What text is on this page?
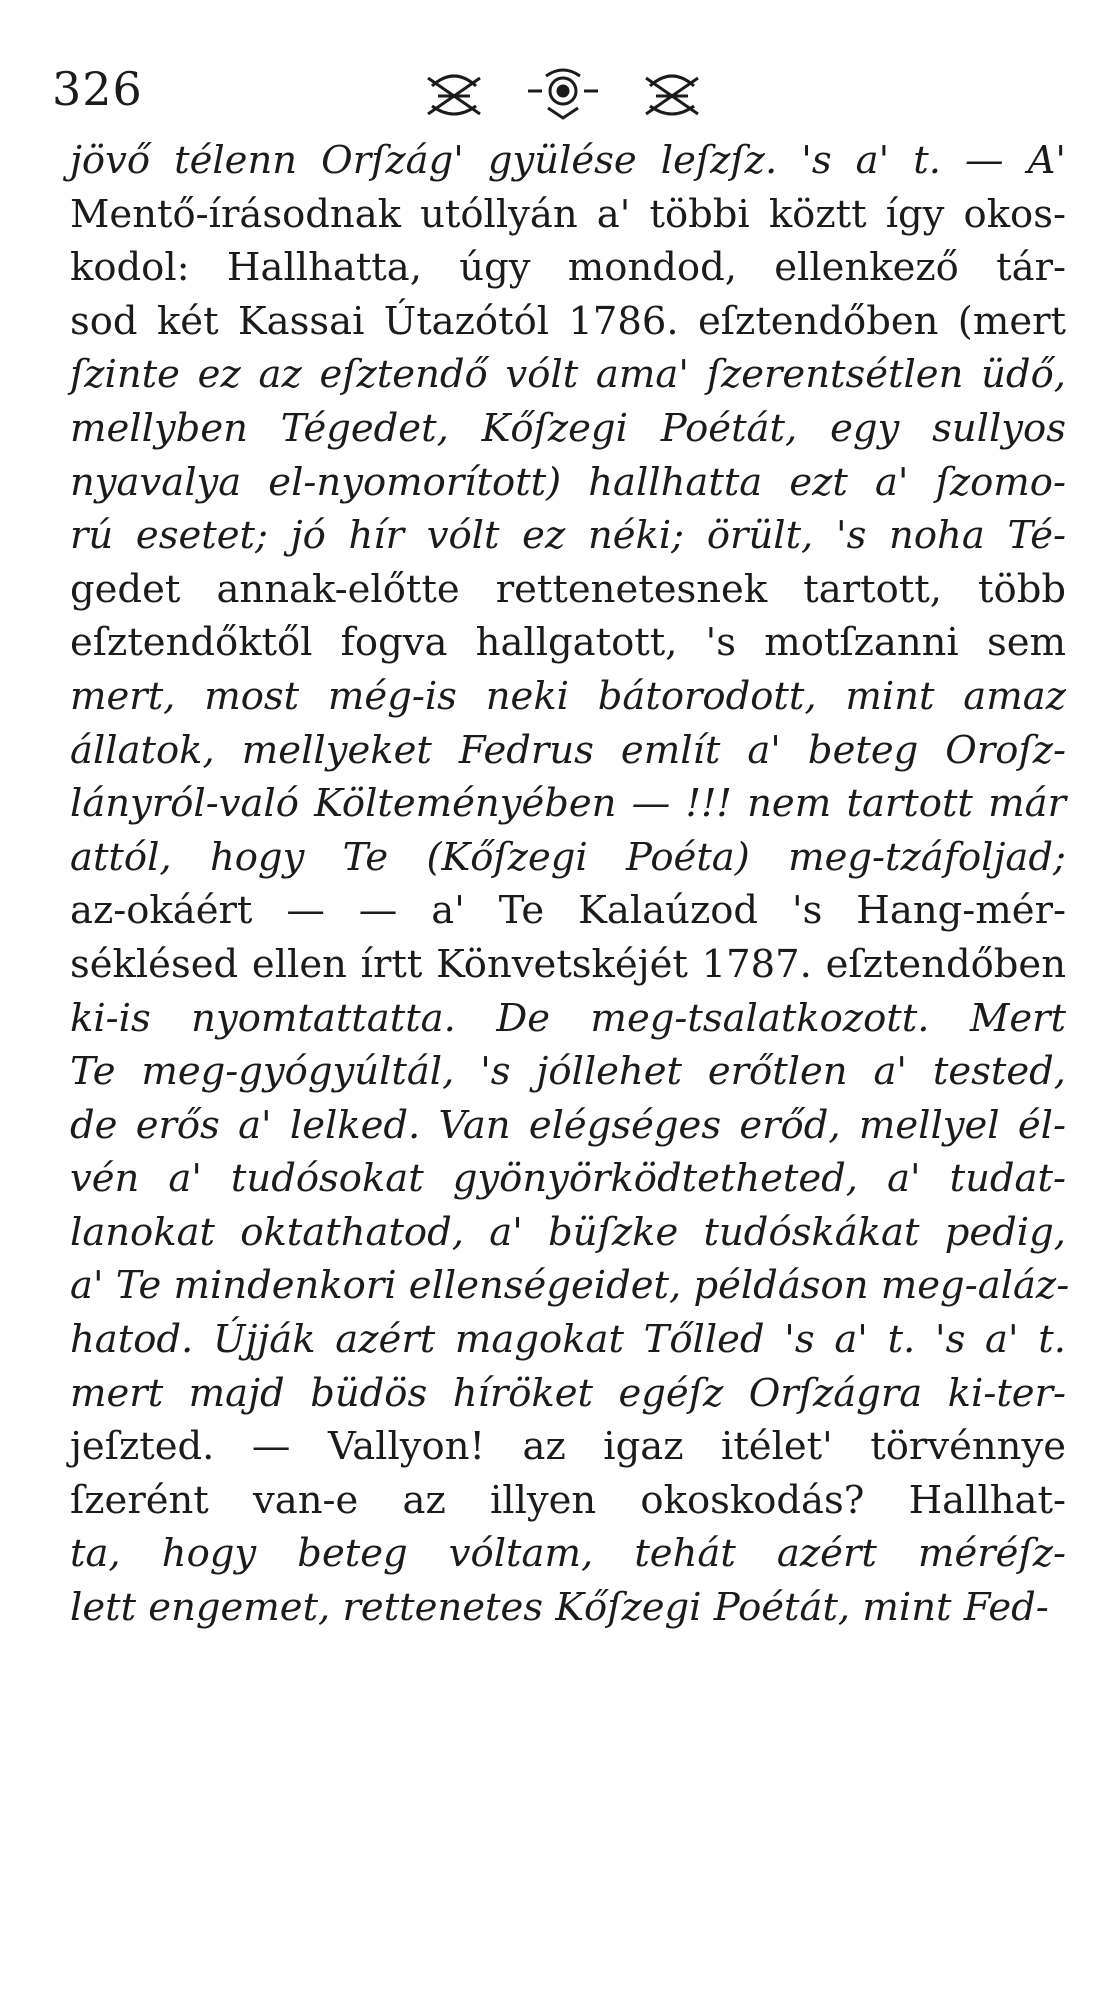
326
jövő télenn Orſzág' gyülése leſzſz. 's a' t. — A'
Mentő-írásodnak utóllyán a' többi köztt így okos-
kodol: Hallhatta, úgy mondod, ellenkező tár-
sod két Kassai Útazótól 1786. eſztendőben (mert
ſzinte ez az eſztendő vólt ama' ſzerentsétlen üdő,
mellyben Tégedet, Kőſzegi Poétát, egy sullyos
nyavalya el-nyomorított) hallhatta ezt a' ſzomo-
rú esetet; jó hír vólt ez néki; örült, 's noha Té-
gedet annak-előtte rettenetesnek tartott, több
eſztendőktől fogva hallgatott, 's motſzanni sem
mert, most még-is neki bátorodott, mint amaz
állatok, mellyeket Fedrus említ a' beteg Oroſz-
lányról-való Költeményében — !!! nem tartott már
attól, hogy Te (Kőſzegi Poéta) meg-tzáfoljad;
az-okáért — — a' Te Kalaúzod 's Hang-mér-
séklésed ellen írtt Könvetskéjét 1787. eſztendőben
ki-is nyomtattatta. De meg-tsalatkozott. Mert
Te meg-gyógyúltál, 's jóllehet erőtlen a' tested,
de erős a' lelked. Van elégséges erőd, mellyel él-
vén a' tudósokat gyönyörködtetheted, a' tudat-
lanokat oktathatod, a' büſzke tudóskákat pedig,
a' Te mindenkori ellenségeidet, példáson meg-aláz-
hatod. Újják azért magokat Tőlled 's a' t. 's a' t.
mert majd büdös híröket egéſz Orſzágra ki-ter-
jeſzted. — Vallyon! az igaz itélet' törvénnye
ſzerént van-e az illyen okoskodás? Hallhat-
ta, hogy beteg vóltam, tehát azért méréſz-
lett engemet, rettenetes Kőſzegi Poétát, mint Fed-
